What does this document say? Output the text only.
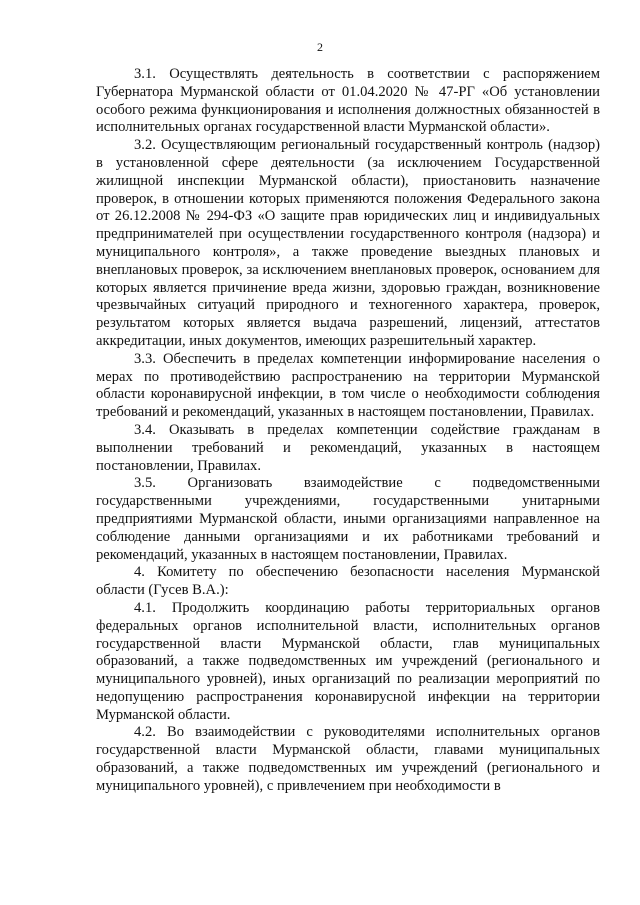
2

3.1. Осуществлять деятельность в соответствии с распоряжением Губернатора Мурманской области от 01.04.2020 № 47-РГ «Об установлении особого режима функционирования и исполнения должностных обязанностей в исполнительных органах государственной власти Мурманской области».

3.2. Осуществляющим региональный государственный контроль (надзор) в установленной сфере деятельности (за исключением Государственной жилищной инспекции Мурманской области), приостановить назначение проверок, в отношении которых применяются положения Федерального закона от 26.12.2008 № 294-ФЗ «О защите прав юридических лиц и индивидуальных предпринимателей при осуществлении государственного контроля (надзора) и муниципального контроля», а также проведение выездных плановых и внеплановых проверок, за исключением внеплановых проверок, основанием для которых является причинение вреда жизни, здоровью граждан, возникновение чрезвычайных ситуаций природного и техногенного характера, проверок, результатом которых является выдача разрешений, лицензий, аттестатов аккредитации, иных документов, имеющих разрешительный характер.

3.3. Обеспечить в пределах компетенции информирование населения о мерах по противодействию распространению на территории Мурманской области коронавирусной инфекции, в том числе о необходимости соблюдения требований и рекомендаций, указанных в настоящем постановлении, Правилах.

3.4. Оказывать в пределах компетенции содействие гражданам в выполнении требований и рекомендаций, указанных в настоящем постановлении, Правилах.

3.5. Организовать взаимодействие с подведомственными государственными учреждениями, государственными унитарными предприятиями Мурманской области, иными организациями направленное на соблюдение данными организациями и их работниками требований и рекомендаций, указанных в настоящем постановлении, Правилах.

4. Комитету по обеспечению безопасности населения Мурманской области (Гусев В.А.):

4.1. Продолжить координацию работы территориальных органов федеральных органов исполнительной власти, исполнительных органов государственной власти Мурманской области, глав муниципальных образований, а также подведомственных им учреждений (регионального и муниципального уровней), иных организаций по реализации мероприятий по недопущению распространения коронавирусной инфекции на территории Мурманской области.

4.2. Во взаимодействии с руководителями исполнительных органов государственной власти Мурманской области, главами муниципальных образований, а также подведомственных им учреждений (регионального и муниципального уровней), с привлечением при необходимости в
